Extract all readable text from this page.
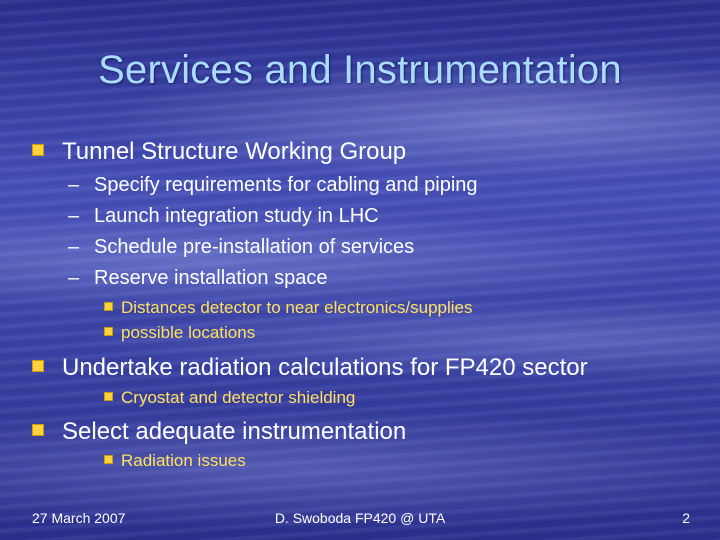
Services and Instrumentation
Tunnel Structure Working Group
– Specify requirements for cabling and piping
– Launch integration study in LHC
– Schedule pre-installation of services
– Reserve installation space
Distances detector to near electronics/supplies
possible locations
Undertake radiation calculations for FP420 sector
Cryostat and detector shielding
Select adequate instrumentation
Radiation issues
27 March 2007	D. Swoboda FP420 @ UTA	2
